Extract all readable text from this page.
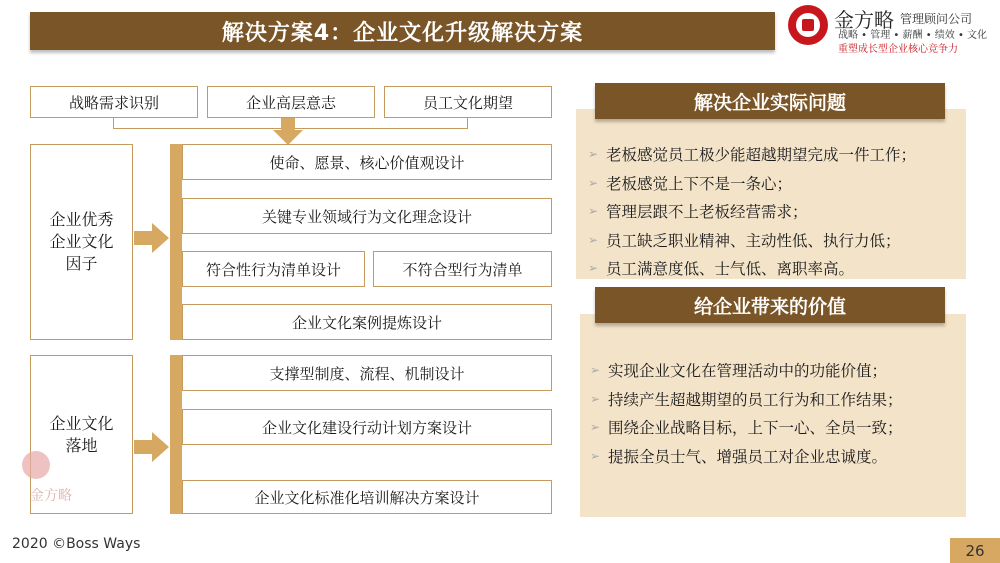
解决方案4：企业文化升级解决方案
金方略 管理顾问公司
战略 • 管理 • 薪酬 • 绩效 • 文化
重塑成长型企业核心竞争力
战略需求识别	企业高层意志	员工文化期望
企业优秀
企业文化
因子
使命、愿景、核心价值观设计
关键专业领域行为文化理念设计
符合性行为清单设计	不符合型行为清单
企业文化案例提炼设计
企业文化
落地
支撑型制度、流程、机制设计
企业文化建设行动计划方案设计
企业文化标准化培训解决方案设计
解决企业实际问题
➢ 老板感觉员工极少能超越期望完成一件工作；
➢ 老板感觉上下不是一条心；
➢ 管理层跟不上老板经营需求；
➢ 员工缺乏职业精神、主动性低、执行力低；
➢ 员工满意度低、士气低、离职率高。
给企业带来的价值
➢ 实现企业文化在管理活动中的功能价值；
➢ 持续产生超越期望的员工行为和工作结果；
➢ 围绕企业战略目标，上下一心、全员一致；
➢ 提振全员士气、增强员工对企业忠诚度。
金方略
2020 ©Boss Ways	26
